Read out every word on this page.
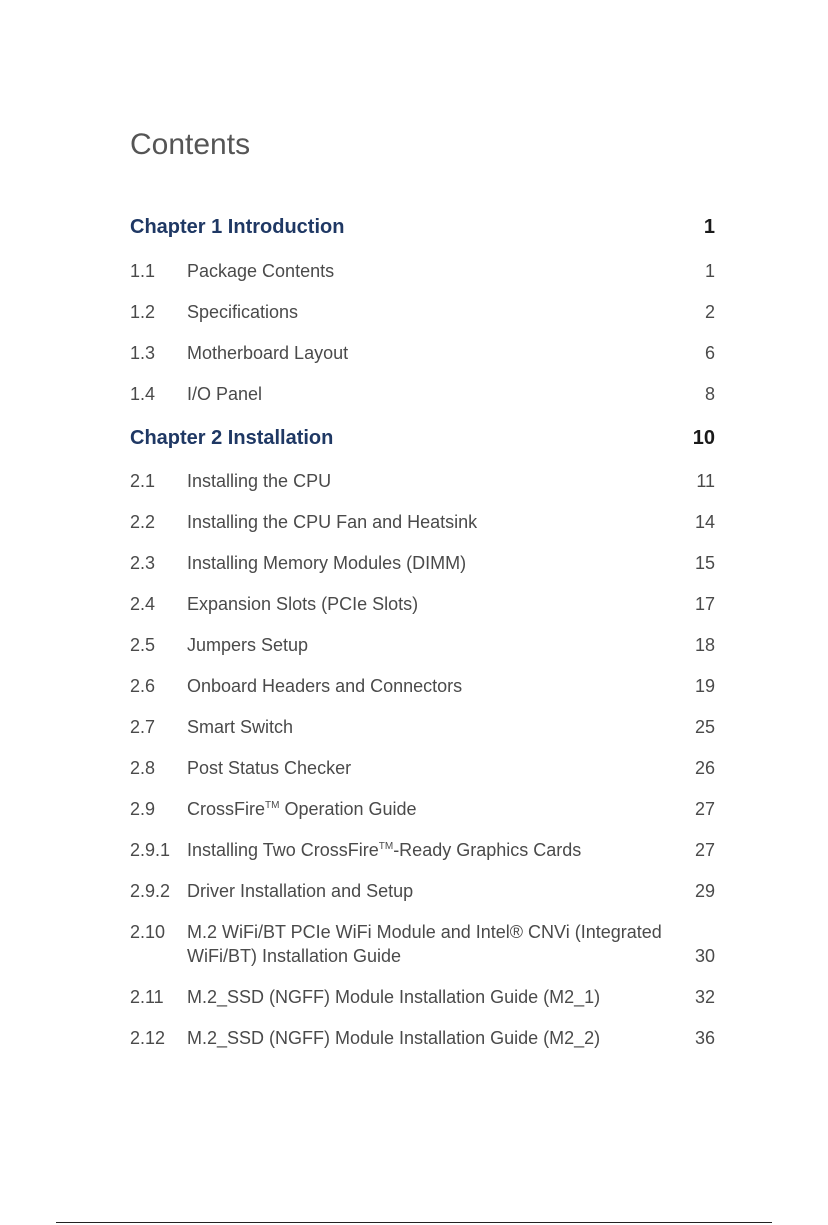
Contents
Chapter 1 Introduction	1
1.1 Package Contents	1
1.2 Specifications	2
1.3 Motherboard Layout	6
1.4 I/O Panel	8
Chapter 2 Installation	10
2.1 Installing the CPU	11
2.2 Installing the CPU Fan and Heatsink	14
2.3 Installing Memory Modules (DIMM)	15
2.4 Expansion Slots (PCIe Slots)	17
2.5 Jumpers Setup	18
2.6 Onboard Headers and Connectors	19
2.7 Smart Switch	25
2.8 Post Status Checker	26
2.9 CrossFire™ Operation Guide	27
2.9.1 Installing Two CrossFire™-Ready Graphics Cards	27
2.9.2 Driver Installation and Setup	29
2.10 M.2 WiFi/BT PCIe WiFi Module and Intel® CNVi (Integrated WiFi/BT) Installation Guide	30
2.11 M.2_SSD (NGFF) Module Installation Guide (M2_1)	32
2.12 M.2_SSD (NGFF) Module Installation Guide (M2_2)	36
